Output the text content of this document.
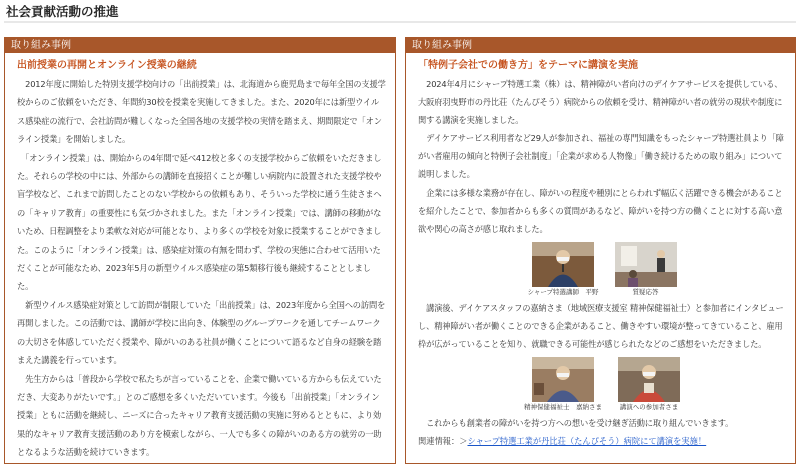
社会貢献活動の推進
取り組み事例
出前授業の再開とオンライン授業の継続

　2012年度に開始した特別支援学校向けの「出前授業」は、北海道から鹿児島まで毎年全国の支援学校からのご依頼をいただき、年間約30校を授業を実施してきました。また、2020年には新型ウイルス感染症の流行で、会社訪問が難しくなった全国各地の支援学校の実情を踏まえ、期間限定で「オンライン授業」を開始しました。

　「オンライン授業」は、開始からの4年間で延べ412校と多くの支援学校からご依頼をいただきました。それらの学校の中には、外部からの講師を直接招くことが難しい病院内に設置された支援学校や盲学校など、これまで訪問したことのない学校からの依頼もあり、そういった学校に通う生徒さまへの「キャリア教育」の重要性にも気づかされました。また「オンライン授業」では、講師の移動がないため、日程調整をより柔軟な対応が可能となり、より多くの学校を対象に授業することができました。このように「オンライン授業」は、感染症対策の有無を問わず、学校の実態に合わせて活用いただくことが可能なため、2023年5月の新型ウイルス感染症の第5類移行後も継続することとしました。

　新型ウイルス感染症対策として訪問が制限していた「出前授業」は、2023年度から全国への訪問を再開しました。この活動では、講師が学校に出向き、体験型のグループワークを通してチームワークの大切さを体感していただく授業や、障がいのある社員が働くことについて語るなど自身の経験を踏まえた講義を行っています。

　先生方からは「普段から学校で私たちが言っていることを、企業で働いている方からも伝えていただき、大変ありがたいです。」とのご感想を多くいただいています。今後も「出前授業」「オンライン授業」ともに活動を継続し、ニーズに合ったキャリア教育支援活動の実施に努めるとともに、より効果的なキャリア教育支援活動のあり方を模索しながら、一人でも多くの障がいのある方の就労の一助となるような活動を続けていきます。

取り組み事例
「特例子会社での働き方」をテーマに講演を実施

　2024年4月にシャープ特選工業（株）は、精神障がい者向けのデイケアサービスを提供している、大阪府羽曳野市の丹比荘（たんぴそう）病院からの依頼を受け、精神障がい者の就労の現状や制度に関する講演を実施しました。

　デイケアサービス利用者など29人が参加され、福祉の専門知識をもったシャープ特選社員より「障がい者雇用の傾向と特例子会社制度」「企業が求める人物像」「働き続けるための取り組み」について説明しました。

　企業には多様な業務が存在し、障がいの程度や種別にとらわれず幅広く活躍できる機会があることを紹介したことで、参加者からも多くの質問があるなど、障がいを持つ方の働くことに対する高い意欲や関心の高さが感じ取れました。

シャープ特選講師　平野	質疑応答

　講演後、デイケアスタッフの嘉納さま（地域医療支援室 精神保健福祉士）と参加者にインタビューし、精神障がい者が働くことのできる企業があること、働きやすい環境が整ってきていること、雇用枠が広がっていることを知り、就職できる可能性が感じられたなどのご感想をいただきました。

精神保健福祉士　嘉納さま	講演への参加者さま

　これからも創業者の障がいを持つ方への想いを受け継ぎ活動に取り組んでいきます。

関連情報：＞シャープ特選工業が丹比荘（たんぴそう）病院にて講演を実施！
